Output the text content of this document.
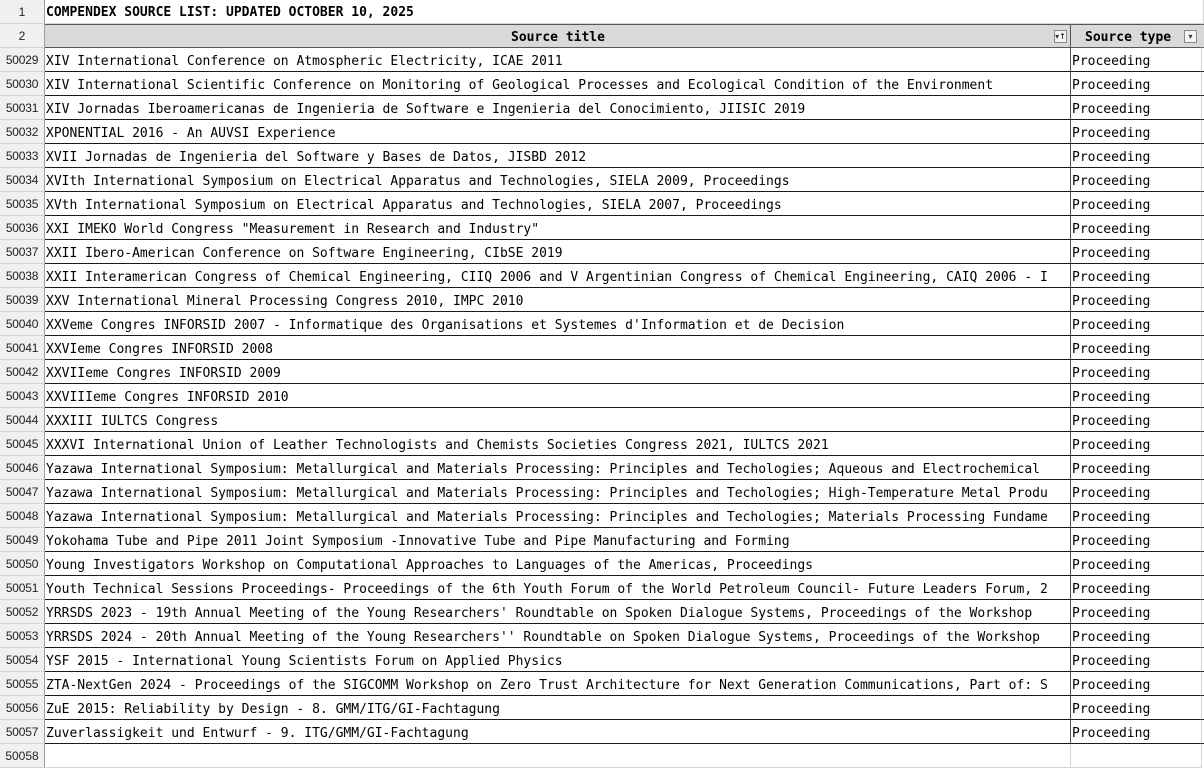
1	COMPENDEX SOURCE LIST: UPDATED OCTOBER 10, 2025
2	Source title	▾↑	Source type	▾
50029 XIV International Conference on Atmospheric Electricity, ICAE 2011	Proceeding
50030 XIV International Scientific Conference on Monitoring of Geological Processes and Ecological Condition of the Environment	Proceeding
50031 XIV Jornadas Iberoamericanas de Ingenieria de Software e Ingenieria del Conocimiento, JIISIC 2019	Proceeding
50032 XPONENTIAL 2016 - An AUVSI Experience	Proceeding
50033 XVII Jornadas de Ingenieria del Software y Bases de Datos, JISBD 2012	Proceeding
50034 XVIth International Symposium on Electrical Apparatus and Technologies, SIELA 2009, Proceedings	Proceeding
50035 XVth International Symposium on Electrical Apparatus and Technologies, SIELA 2007, Proceedings	Proceeding
50036 XXI IMEKO World Congress "Measurement in Research and Industry"	Proceeding
50037 XXII Ibero-American Conference on Software Engineering, CIbSE 2019	Proceeding
50038 XXII Interamerican Congress of Chemical Engineering, CIIQ 2006 and V Argentinian Congress of Chemical Engineering, CAIQ 2006 - I	Proceeding
50039 XXV International Mineral Processing Congress 2010, IMPC 2010	Proceeding
50040 XXVeme Congres INFORSID 2007 - Informatique des Organisations et Systemes d'Information et de Decision	Proceeding
50041 XXVIeme Congres INFORSID 2008	Proceeding
50042 XXVIIeme Congres INFORSID 2009	Proceeding
50043 XXVIIIeme Congres INFORSID 2010	Proceeding
50044 XXXIII IULTCS Congress	Proceeding
50045 XXXVI International Union of Leather Technologists and Chemists Societies Congress 2021, IULTCS 2021	Proceeding
50046 Yazawa International Symposium: Metallurgical and Materials Processing: Principles and Techologies; Aqueous and Electrochemical	Proceeding
50047 Yazawa International Symposium: Metallurgical and Materials Processing: Principles and Techologies; High-Temperature Metal Produ	Proceeding
50048 Yazawa International Symposium: Metallurgical and Materials Processing: Principles and Techologies; Materials Processing Fundame	Proceeding
50049 Yokohama Tube and Pipe 2011 Joint Symposium -Innovative Tube and Pipe Manufacturing and Forming	Proceeding
50050 Young Investigators Workshop on Computational Approaches to Languages of the Americas, Proceedings	Proceeding
50051 Youth Technical Sessions Proceedings- Proceedings of the 6th Youth Forum of the World Petroleum Council- Future Leaders Forum, 2	Proceeding
50052 YRRSDS 2023 - 19th Annual Meeting of the Young Researchers' Roundtable on Spoken Dialogue Systems, Proceedings of the Workshop	Proceeding
50053 YRRSDS 2024 - 20th Annual Meeting of the Young Researchers'' Roundtable on Spoken Dialogue Systems, Proceedings of the Workshop	Proceeding
50054 YSF 2015 - International Young Scientists Forum on Applied Physics	Proceeding
50055 ZTA-NextGen 2024 - Proceedings of the SIGCOMM Workshop on Zero Trust Architecture for Next Generation Communications, Part of: S	Proceeding
50056 ZuE 2015: Reliability by Design - 8. GMM/ITG/GI-Fachtagung	Proceeding
50057 Zuverlassigkeit und Entwurf - 9. ITG/GMM/GI-Fachtagung	Proceeding
50058
